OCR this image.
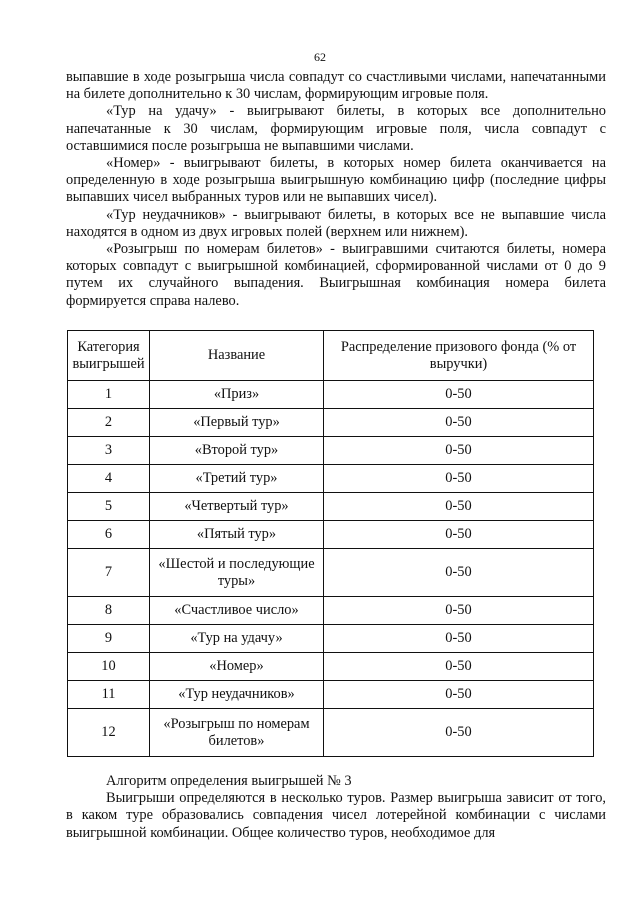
62

выпавшие в ходе розыгрыша числа совпадут со счастливыми числами, напечатанными на билете дополнительно к 30 числам, формирующим игровые поля.

«Тур на удачу» - выигрывают билеты, в которых все дополнительно напечатанные к 30 числам, формирующим игровые поля, числа совпадут с оставшимися после розыгрыша не выпавшими числами.

«Номер» - выигрывают билеты, в которых номер билета оканчивается на определенную в ходе розыгрыша выигрышную комбинацию цифр (последние цифры выпавших чисел выбранных туров или не выпавших чисел).

«Тур неудачников» - выигрывают билеты, в которых все не выпавшие числа находятся в одном из двух игровых полей (верхнем или нижнем).

«Розыгрыш по номерам билетов» - выигравшими считаются билеты, номера которых совпадут с выигрышной комбинацией, сформированной числами от 0 до 9 путем их случайного выпадения. Выигрышная комбинация номера билета формируется справа налево.

Категория выигрышей	Название	Распределение призового фонда (% от выручки)
1	«Приз»	0-50
2	«Первый тур»	0-50
3	«Второй тур»	0-50
4	«Третий тур»	0-50
5	«Четвертый тур»	0-50
6	«Пятый тур»	0-50
7	«Шестой и последующие туры»	0-50
8	«Счастливое число»	0-50
9	«Тур на удачу»	0-50
10	«Номер»	0-50
11	«Тур неудачников»	0-50
12	«Розыгрыш по номерам билетов»	0-50

Алгоритм определения выигрышей № 3

Выигрыши определяются в несколько туров. Размер выигрыша зависит от того, в каком туре образовались совпадения чисел лотерейной комбинации с числами выигрышной комбинации. Общее количество туров, необходимое для
